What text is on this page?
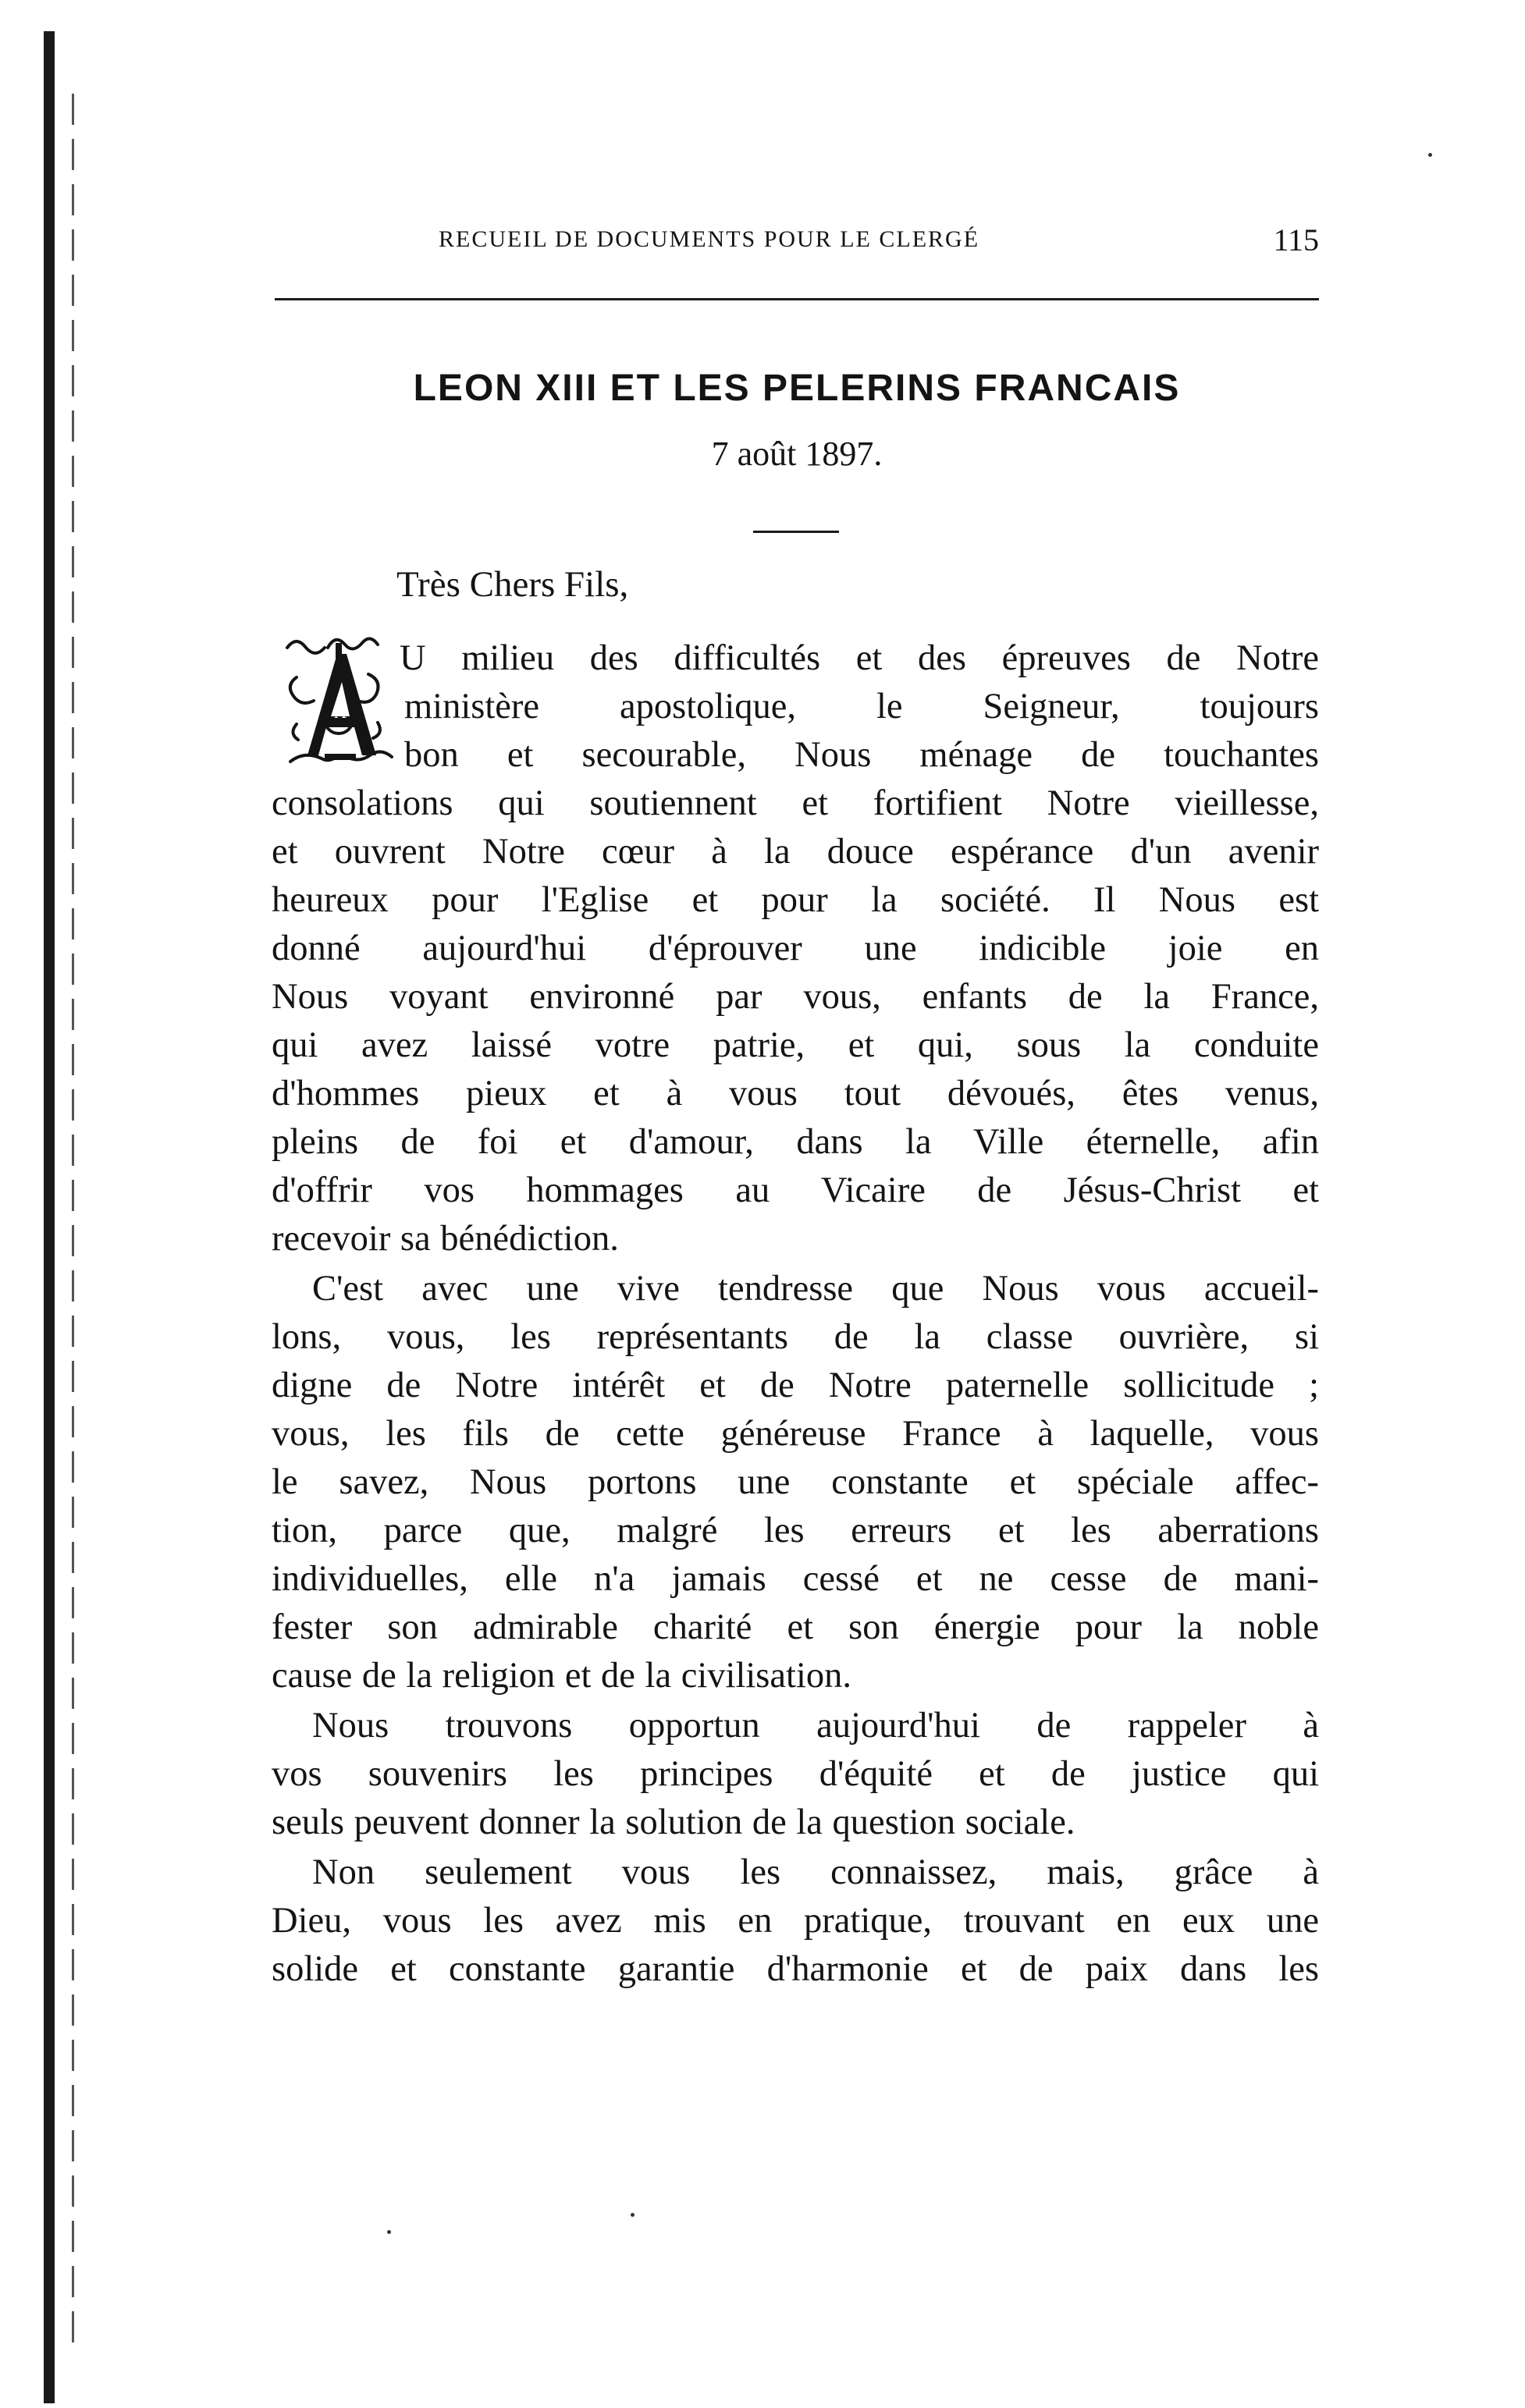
RECUEIL DE DOCUMENTS POUR LE CLERGÉ	115
LEON XIII ET LES PELERINS FRANCAIS
7 août 1897.
Très Chers Fils,
A
U milieu des difficultés et des épreuves de Notre
ministère apostolique, le Seigneur, toujours
bon et secourable, Nous ménage de touchantes
consolations qui soutiennent et fortifient Notre vieillesse,
et ouvrent Notre cœur à la douce espérance d'un avenir
heureux pour l'Eglise et pour la société. Il Nous est
donné aujourd'hui d'éprouver une indicible joie en
Nous voyant environné par vous, enfants de la France,
qui avez laissé votre patrie, et qui, sous la conduite
d'hommes pieux et à vous tout dévoués, êtes venus,
pleins de foi et d'amour, dans la Ville éternelle, afin
d'offrir vos hommages au Vicaire de Jésus-Christ et
recevoir sa bénédiction.
C'est avec une vive tendresse que Nous vous accueil-
lons, vous, les représentants de la classe ouvrière, si
digne de Notre intérêt et de Notre paternelle sollicitude ;
vous, les fils de cette généreuse France à laquelle, vous
le savez, Nous portons une constante et spéciale affec-
tion, parce que, malgré les erreurs et les aberrations
individuelles, elle n'a jamais cessé et ne cesse de mani-
fester son admirable charité et son énergie pour la noble
cause de la religion et de la civilisation.
Nous trouvons opportun aujourd'hui de rappeler à
vos souvenirs les principes d'équité et de justice qui
seuls peuvent donner la solution de la question sociale.
Non seulement vous les connaissez, mais, grâce à
Dieu, vous les avez mis en pratique, trouvant en eux une
solide et constante garantie d'harmonie et de paix dans les
